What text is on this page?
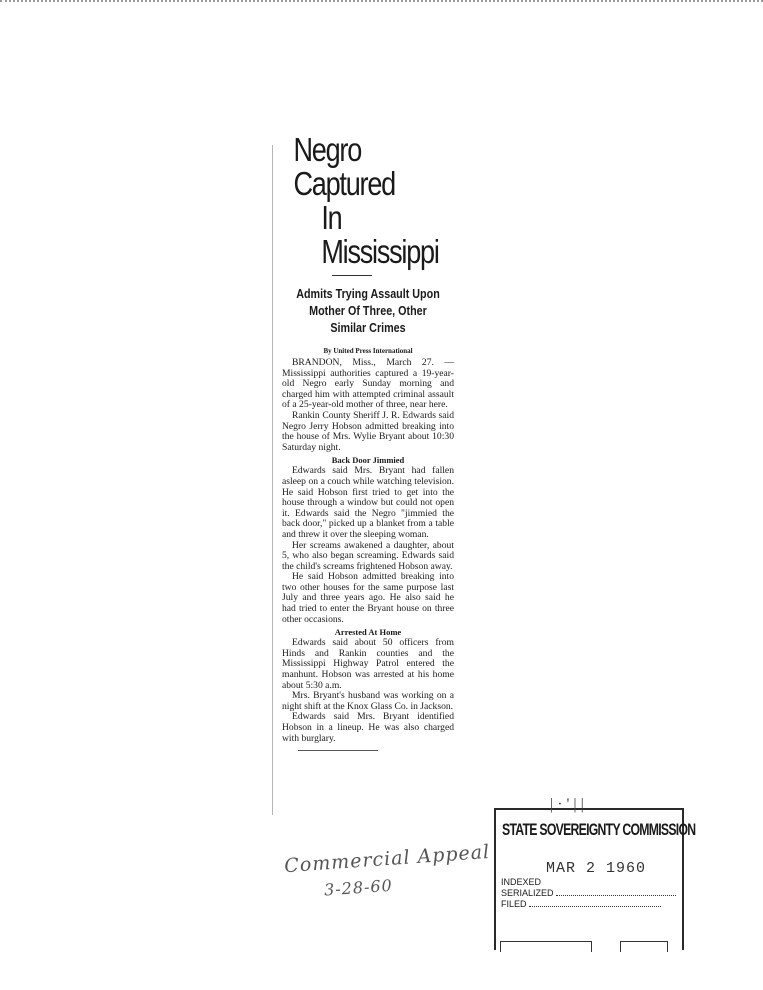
Negro Captured
In Mississippi
Admits Trying Assault Upon Mother Of Three, Other Similar Crimes
By United Press International

BRANDON, Miss., March 27. —Mississippi authorities captured a 19-year-old Negro early Sunday morning and charged him with attempted criminal assault of a 25-year-old mother of three, near here.

Rankin County Sheriff J. R. Edwards said Negro Jerry Hobson admitted breaking into the house of Mrs. Wylie Bryant about 10:30 Saturday night.

Back Door Jimmied

Edwards said Mrs. Bryant had fallen asleep on a couch while watching television. He said Hobson first tried to get into the house through a window but could not open it. Edwards said the Negro "jimmied the back door," picked up a blanket from a table and threw it over the sleeping woman.

Her screams awakened a daughter, about 5, who also began screaming. Edwards said the child's screams frightened Hobson away.

He said Hobson admitted breaking into two other houses for the same purpose last July and three years ago. He also said he had tried to enter the Bryant house on three other occasions.

Arrested At Home

Edwards said about 50 officers from Hinds and Rankin counties and the Mississippi Highway Patrol entered the manhunt. Hobson was arrested at his home about 5:30 a.m.

Mrs. Bryant's husband was working on a night shift at the Knox Glass Co. in Jackson.

Edwards said Mrs. Bryant identified Hobson in a lineup. He was also charged with burglary.

Commercial Appeal
3-28-60
| · ' | |
STATE SOVEREIGNTY COMMISSION
MAR 2 1960
INDEXED
SERIALIZED
FILED
